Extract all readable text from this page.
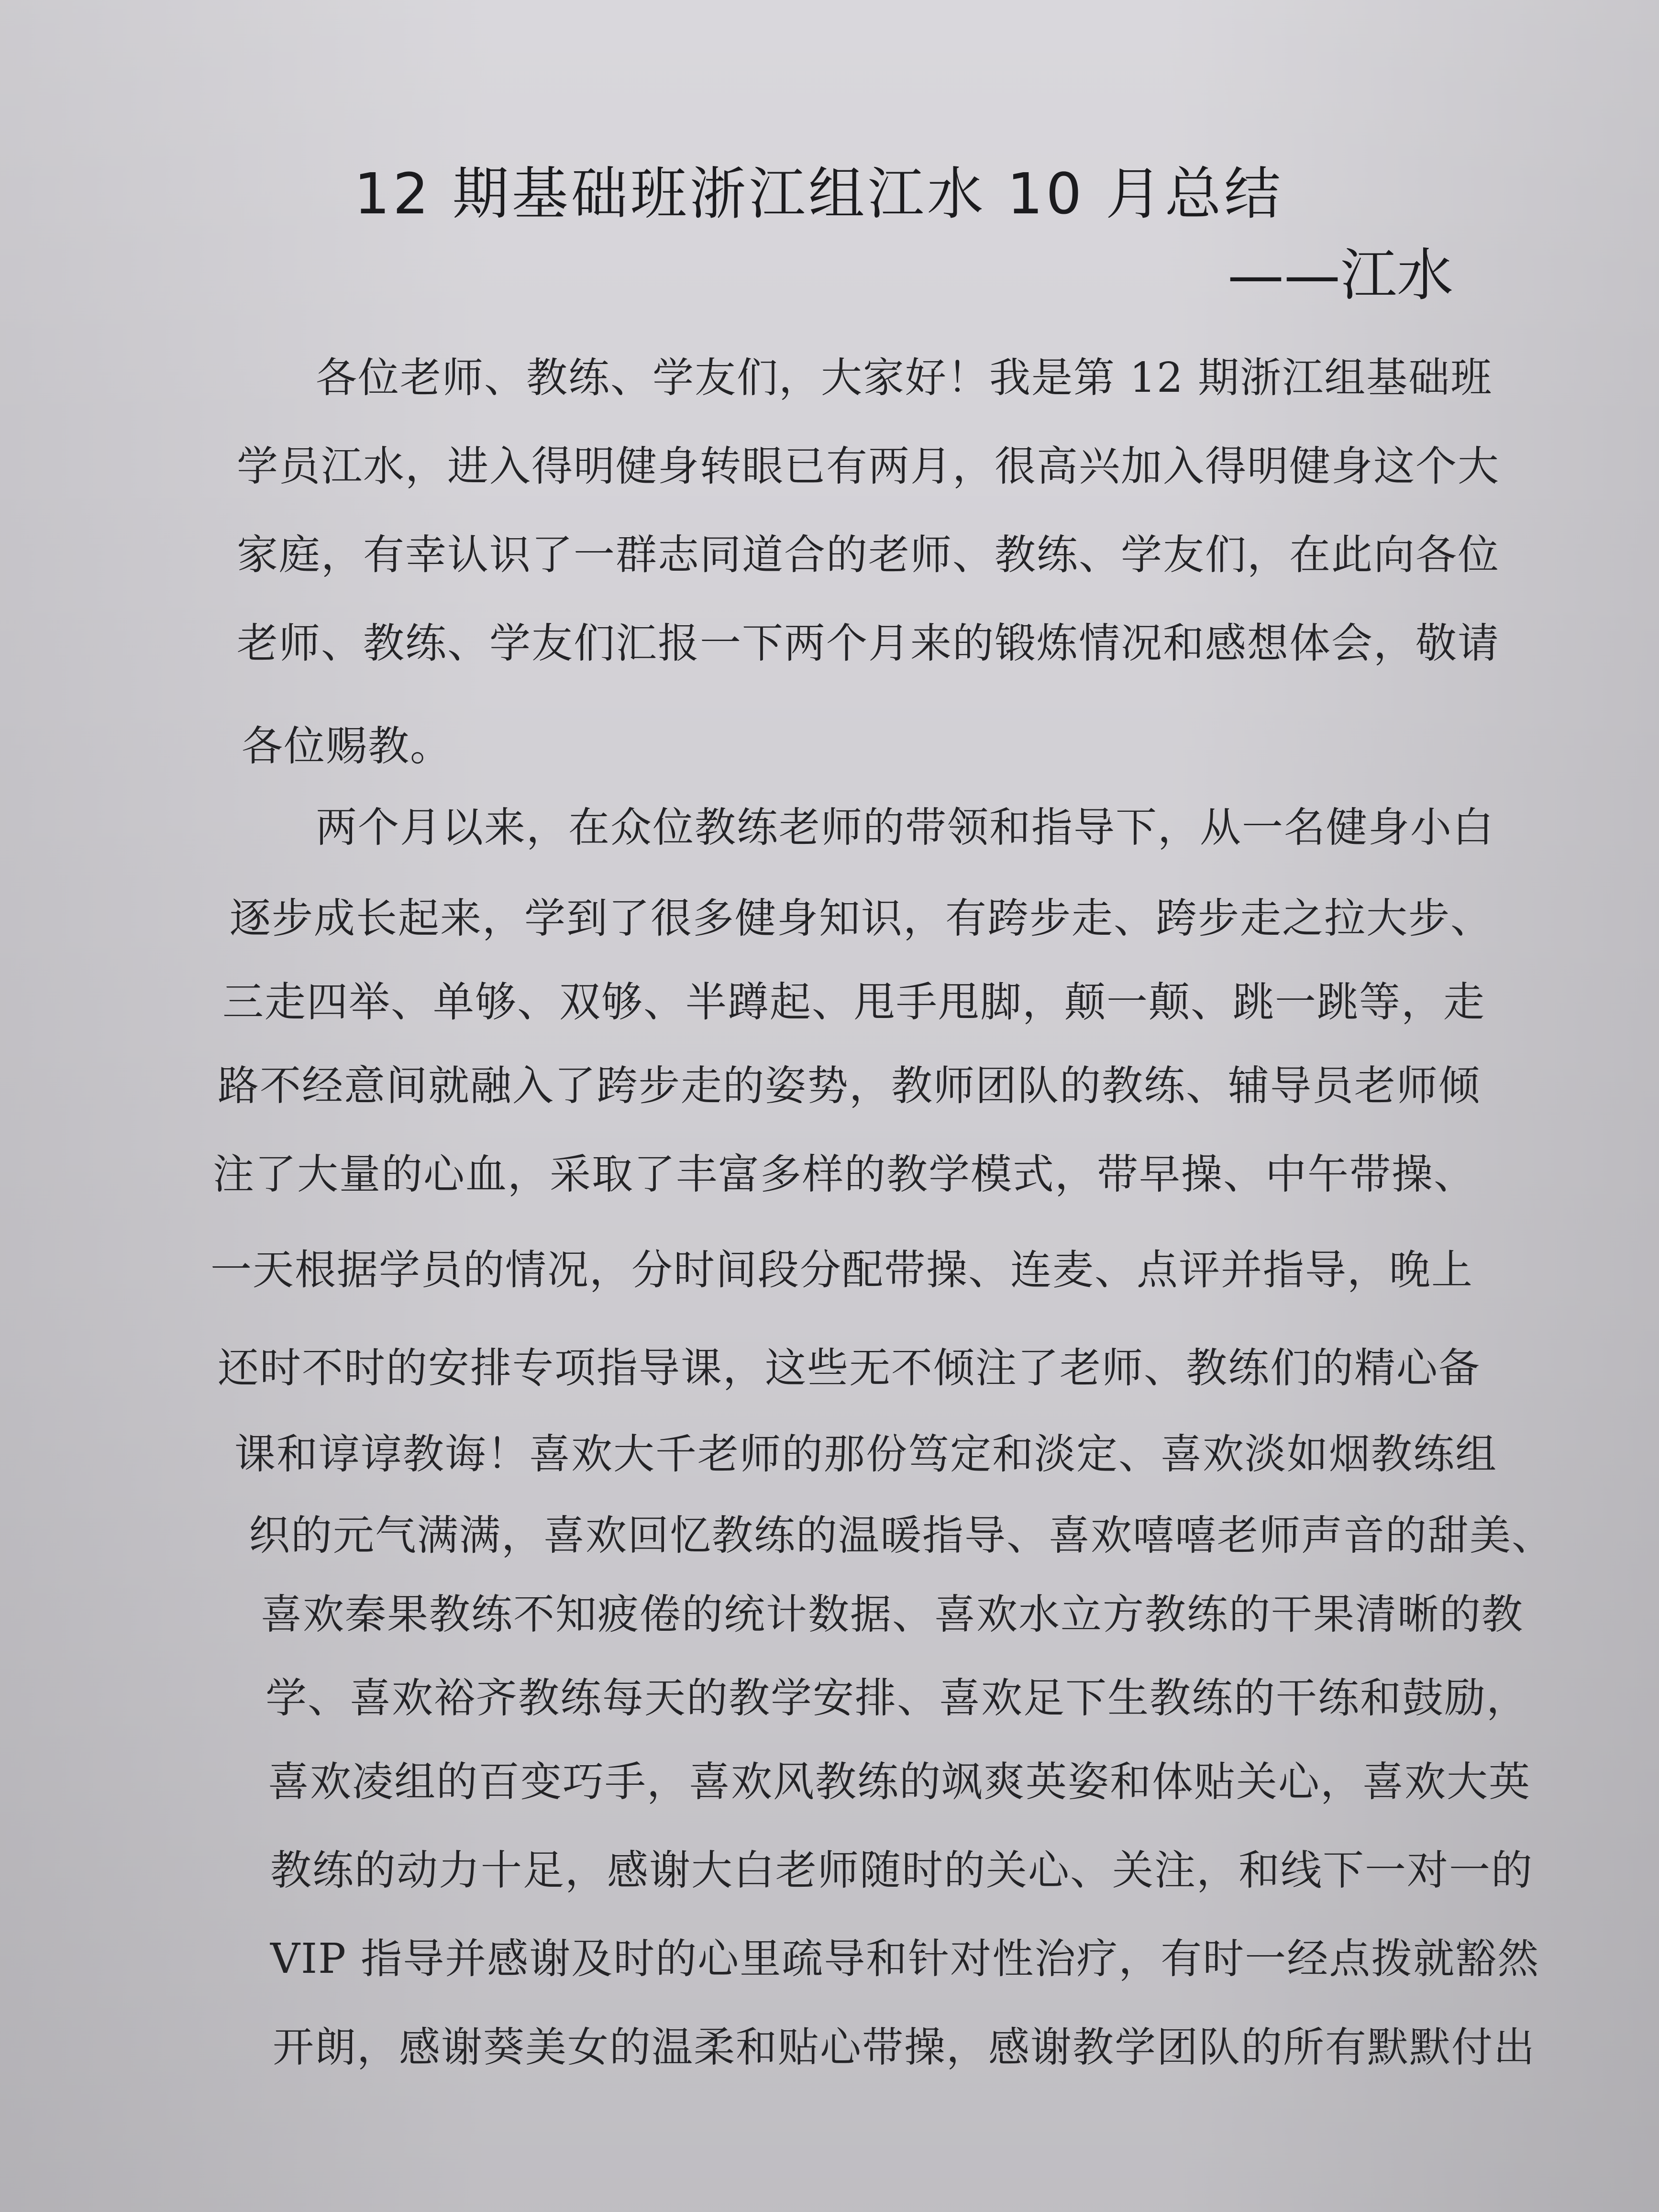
12 期基础班浙江组江水 10 月总结
——江水
各位老师、教练、学友们，大家好！我是第 12 期浙江组基础班
学员江水，进入得明健身转眼已有两月，很高兴加入得明健身这个大
家庭，有幸认识了一群志同道合的老师、教练、学友们，在此向各位
老师、教练、学友们汇报一下两个月来的锻炼情况和感想体会，敬请
各位赐教。
两个月以来，在众位教练老师的带领和指导下，从一名健身小白
逐步成长起来，学到了很多健身知识，有跨步走、跨步走之拉大步、
三走四举、单够、双够、半蹲起、甩手甩脚，颠一颠、跳一跳等，走
路不经意间就融入了跨步走的姿势，教师团队的教练、辅导员老师倾
注了大量的心血，采取了丰富多样的教学模式，带早操、中午带操、
一天根据学员的情况，分时间段分配带操、连麦、点评并指导，晚上
还时不时的安排专项指导课，这些无不倾注了老师、教练们的精心备
课和谆谆教诲！喜欢大千老师的那份笃定和淡定、喜欢淡如烟教练组
织的元气满满，喜欢回忆教练的温暖指导、喜欢嘻嘻老师声音的甜美、
喜欢秦果教练不知疲倦的统计数据、喜欢水立方教练的干果清晰的教
学、喜欢裕齐教练每天的教学安排、喜欢足下生教练的干练和鼓励，
喜欢凌组的百变巧手，喜欢风教练的飒爽英姿和体贴关心，喜欢大英
教练的动力十足，感谢大白老师随时的关心、关注，和线下一对一的
VIP 指导并感谢及时的心里疏导和针对性治疗，有时一经点拨就豁然
开朗，感谢葵美女的温柔和贴心带操，感谢教学团队的所有默默付出
